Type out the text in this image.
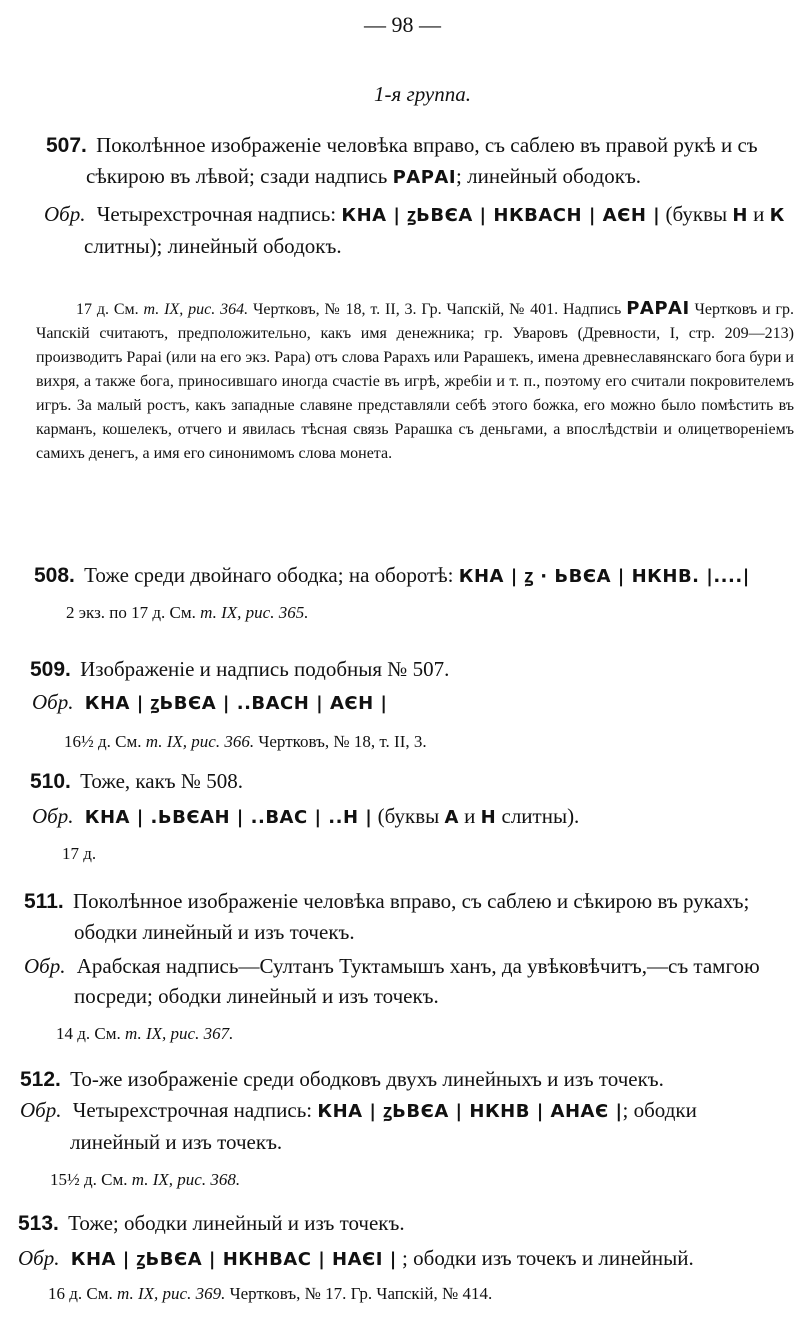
— 98 —
1-я группа.

507. Поколѣнное изображеніе человѣка вправо, съ саблею въ правой рукѣ и съ сѣкирою въ лѣвой; сзади надпись РАРАІ; линейный ободокъ.

Обр. Четырехстрочная надпись: КНА | ꙁЬВЄА | НКВАСН | АЄН | (буквы Н и К слитны); линейный ободокъ.

17 д. См. т. IX, рис. 364. Чертковъ, № 18, т. II, 3. Гр. Чапскій, № 401. Надпись РАРАІ Чертковъ и гр. Чапскій считаютъ, предположительно, какъ имя денежника; гр. Уваровъ (Древности, I, стр. 209—213) производитъ Рараі (или на его экз. Рара) отъ слова Рарахъ или Рарашекъ, имена древнеславянскаго бога бури и вихря, а также бога, приносившаго иногда счастіе въ игрѣ, жребіи и т. п., поэтому его считали покровителемъ игръ. За малый ростъ, какъ западные славяне представляли себѣ этого божка, его можно было помѣстить въ карманъ, кошелекъ, отчего и явилась тѣсная связь Рарашка съ деньгами, а впослѣдствіи и олицетвореніемъ самихъ денегъ, а имя его синонимомъ слова монета.

508. Тоже среди двойнаго ободка; на оборотѣ: КНА | ꙁ · ЬВЄА | НКНВ. |....|

2 экз. по 17 д. См. т. IX, рис. 365.

509. Изображеніе и надпись подобныя № 507.

Обр. КНА | ꙁЬВЄА | ..ВАСН | АЄН |

16½ д. См. т. IX, рис. 366. Чертковъ, № 18, т. II, 3.

510. Тоже, какъ № 508.

Обр. КНА | .ЬВЄАН | ..ВАС | ..Н | (буквы А и Н слитны).

17 д.

511. Поколѣнное изображеніе человѣка вправо, съ саблею и сѣкирою въ рукахъ; ободки линейный и изъ точекъ.

Обр. Арабская надпись—Султанъ Туктамышъ ханъ, да увѣковѣчитъ,—съ тамгою посреди; ободки линейный и изъ точекъ.

14 д. См. т. IX, рис. 367.

512. То-же изображеніе среди ободковъ двухъ линейныхъ и изъ точекъ.

Обр. Четырехстрочная надпись: КНА | ꙁЬВЄА | НКНВ | АНАЄ |; ободки линейный и изъ точекъ.

15½ д. См. т. IX, рис. 368.

513. Тоже; ободки линейный и изъ точекъ.

Обр. КНА | ꙁЬВЄА | НКНВАС | НАЄІ | ; ободки изъ точекъ и линейный.

16 д. См. т. IX, рис. 369. Чертковъ, № 17. Гр. Чапскій, № 414.
